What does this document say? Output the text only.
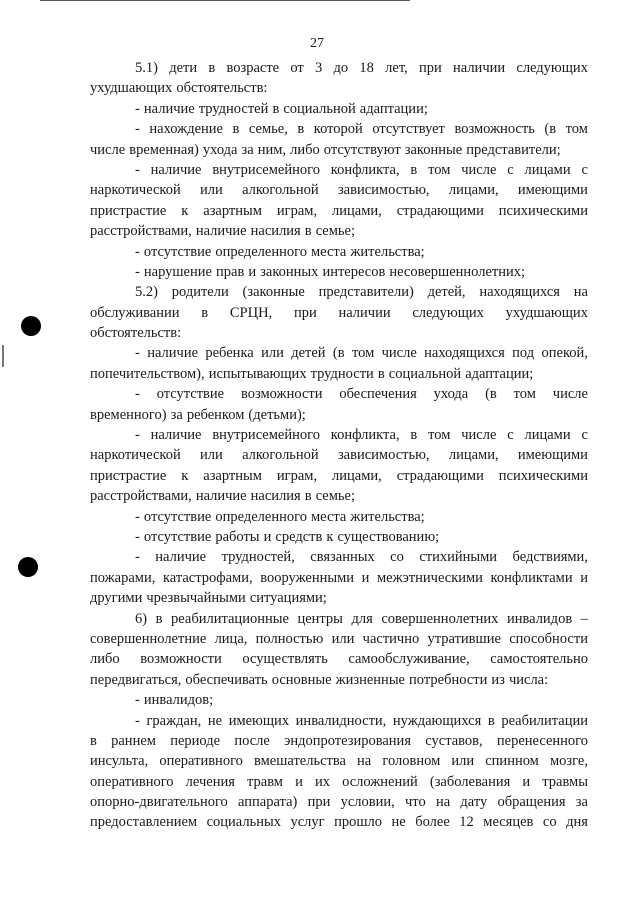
27
5.1) дети в возрасте от 3 до 18 лет, при наличии следующих
ухудшающих обстоятельств:
- наличие трудностей в социальной адаптации;
- нахождение в семье, в которой отсутствует возможность (в том
числе временная) ухода за ним, либо отсутствуют законные представители;
- наличие внутрисемейного конфликта, в том числе с лицами с
наркотической или алкогольной зависимостью, лицами, имеющими
пристрастие к азартным играм, лицами, страдающими психическими
расстройствами, наличие насилия в семье;
- отсутствие определенного места жительства;
- нарушение прав и законных интересов несовершеннолетних;
5.2) родители (законные представители) детей, находящихся на
обслуживании в СРЦН, при наличии следующих ухудшающих
обстоятельств:
- наличие ребенка или детей (в том числе находящихся под опекой,
попечительством), испытывающих трудности в социальной адаптации;
- отсутствие возможности обеспечения ухода (в том числе
временного) за ребенком (детьми);
- наличие внутрисемейного конфликта, в том числе с лицами с
наркотической или алкогольной зависимостью, лицами, имеющими
пристрастие к азартным играм, лицами, страдающими психическими
расстройствами, наличие насилия в семье;
- отсутствие определенного места жительства;
- отсутствие работы и средств к существованию;
- наличие трудностей, связанных со стихийными бедствиями,
пожарами, катастрофами, вооруженными и межэтническими конфликтами и
другими чрезвычайными ситуациями;
6) в реабилитационные центры для совершеннолетних инвалидов –
совершеннолетние лица, полностью или частично утратившие способности
либо возможности осуществлять самообслуживание, самостоятельно
передвигаться, обеспечивать основные жизненные потребности из числа:
- инвалидов;
- граждан, не имеющих инвалидности, нуждающихся в реабилитации
в раннем периоде после эндопротезирования суставов, перенесенного
инсульта, оперативного вмешательства на головном или спинном мозге,
оперативного лечения травм и их осложнений (заболевания и травмы
опорно-двигательного аппарата) при условии, что на дату обращения за
предоставлением социальных услуг прошло не более 12 месяцев со дня
